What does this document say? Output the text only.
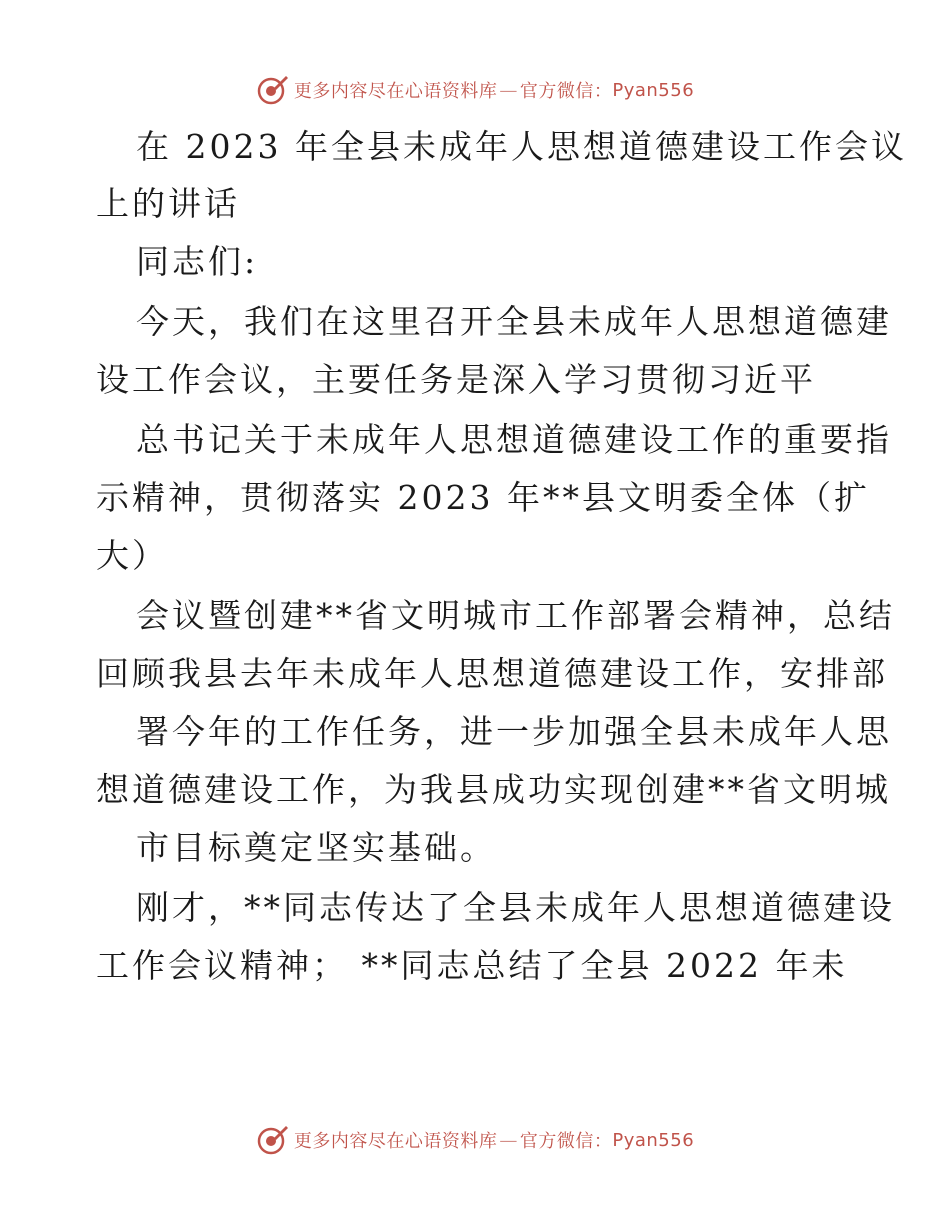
更多内容尽在心语资料库 — 官方微信： Pyan556
在 2023 年全县未成年人思想道德建设工作会议
上的讲话
同志们:
今天，我们在这里召开全县未成年人思想道德建
设工作会议，主要任务是深入学习贯彻习近平
总书记关于未成年人思想道德建设工作的重要指
示精神，贯彻落实 2023 年**县文明委全体（扩
大）
会议暨创建**省文明城市工作部署会精神，总结
回顾我县去年未成年人思想道德建设工作，安排部
署今年的工作任务，进一步加强全县未成年人思
想道德建设工作，为我县成功实现创建**省文明城
市目标奠定坚实基础。
刚才，**同志传达了全县未成年人思想道德建设
工作会议精神； **同志总结了全县 2022 年未
更多内容尽在心语资料库 — 官方微信： Pyan556
